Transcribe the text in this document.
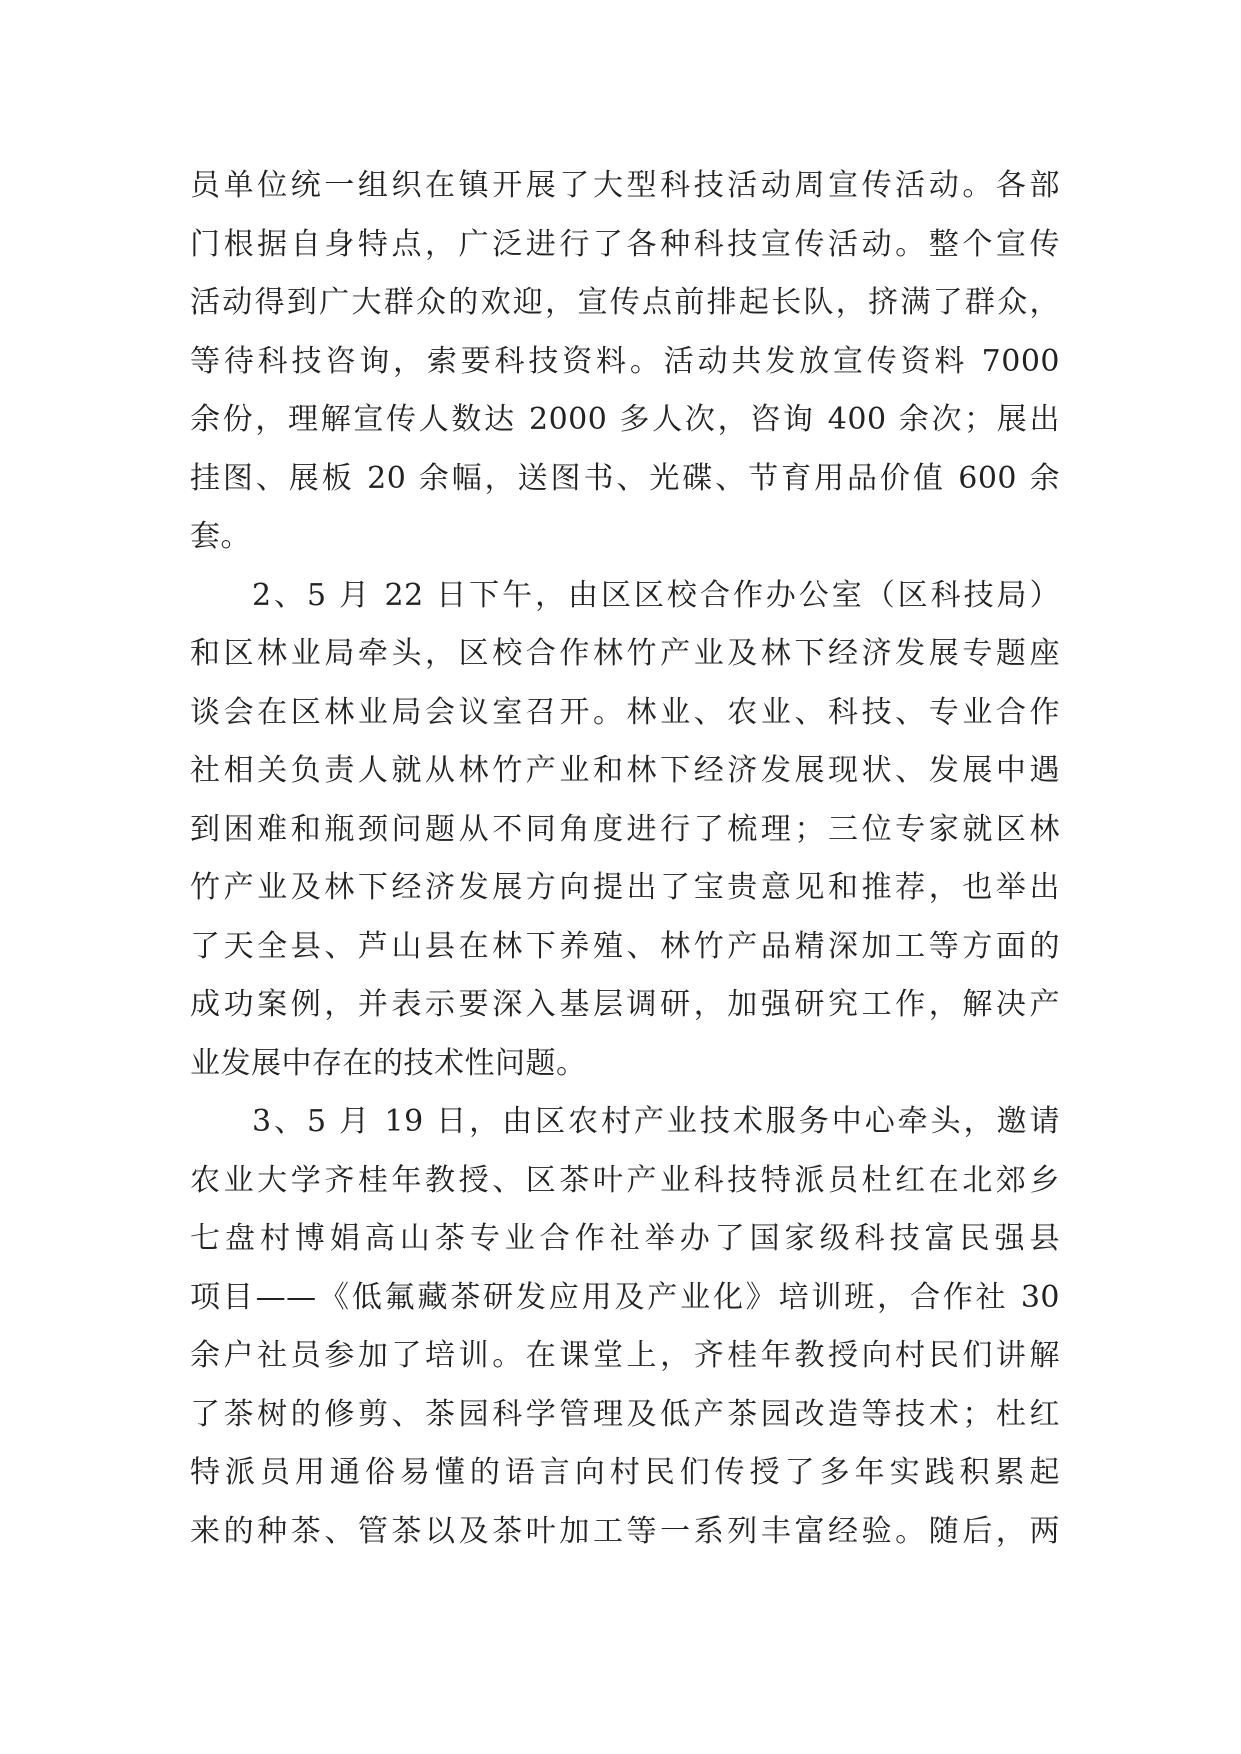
员单位统一组织在镇开展了大型科技活动周宣传活动。各部
门根据自身特点，广泛进行了各种科技宣传活动。整个宣传
活动得到广大群众的欢迎，宣传点前排起长队，挤满了群众，
等待科技咨询，索要科技资料。活动共发放宣传资料 7000
余份，理解宣传人数达 2000 多人次，咨询 400 余次；展出
挂图、展板 20 余幅，送图书、光碟、节育用品价值 600 余
套。
2、5 月 22 日下午，由区区校合作办公室（区科技局）
和区林业局牵头，区校合作林竹产业及林下经济发展专题座
谈会在区林业局会议室召开。林业、农业、科技、专业合作
社相关负责人就从林竹产业和林下经济发展现状、发展中遇
到困难和瓶颈问题从不同角度进行了梳理；三位专家就区林
竹产业及林下经济发展方向提出了宝贵意见和推荐，也举出
了天全县、芦山县在林下养殖、林竹产品精深加工等方面的
成功案例，并表示要深入基层调研，加强研究工作，解决产
业发展中存在的技术性问题。
3、5 月 19 日，由区农村产业技术服务中心牵头，邀请
农业大学齐桂年教授、区茶叶产业科技特派员杜红在北郊乡
七盘村博娟高山茶专业合作社举办了国家级科技富民强县
项目——《低氟藏茶研发应用及产业化》培训班，合作社 30
余户社员参加了培训。在课堂上，齐桂年教授向村民们讲解
了茶树的修剪、茶园科学管理及低产茶园改造等技术；杜红
特派员用通俗易懂的语言向村民们传授了多年实践积累起
来的种茶、管茶以及茶叶加工等一系列丰富经验。随后，两
